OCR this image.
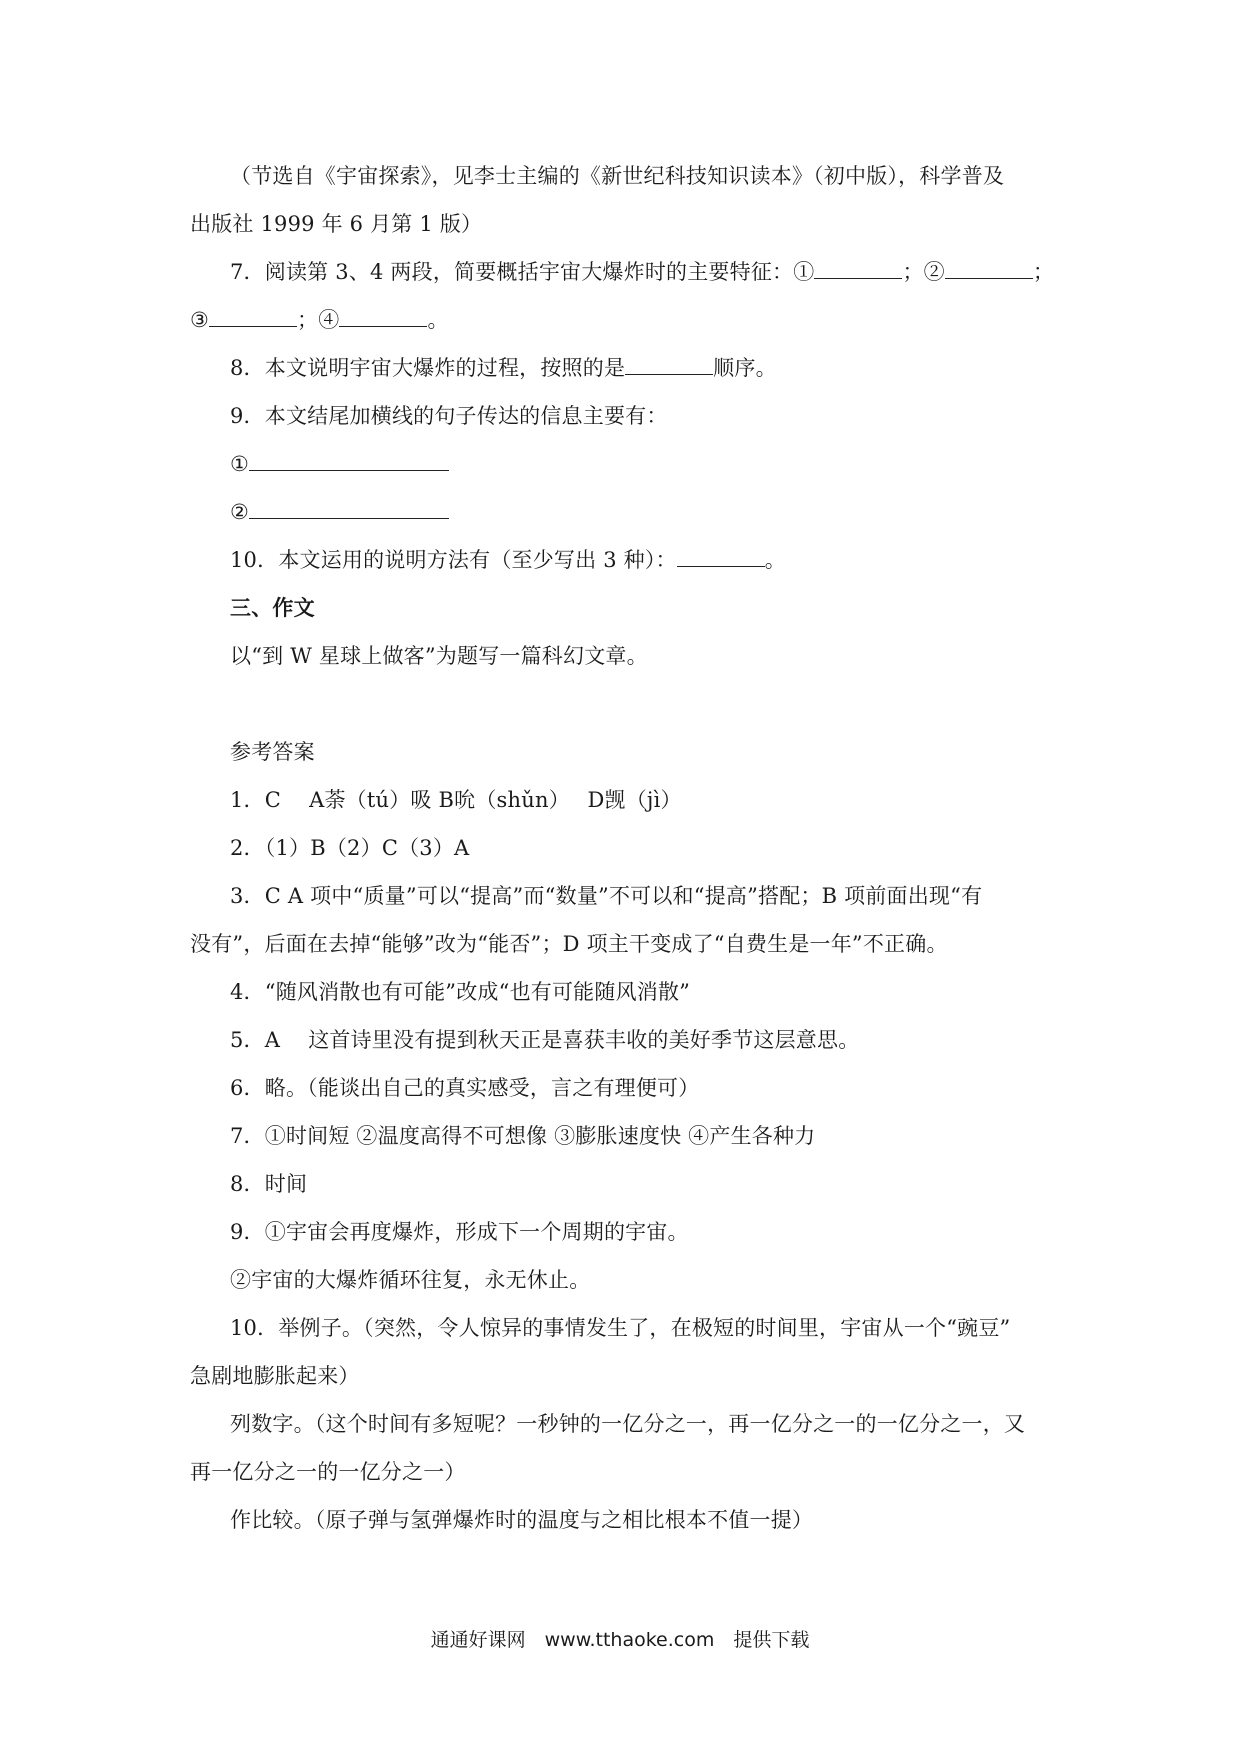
（节选自《宇宙探索》，见李士主编的《新世纪科技知识读本》（初中版），科学普及
出版社 1999 年 6 月第 1 版）
7．阅读第 3、4 两段，简要概括宇宙大爆炸时的主要特征：①	；②	；
③	；④	。
8．本文说明宇宙大爆炸的过程，按照的是	顺序。
9．本文结尾加横线的句子传达的信息主要有：
①
②
10．本文运用的说明方法有（至少写出 3 种）：	。
三、作文
以“到 W 星球上做客”为题写一篇科幻文章。
参考答案
1．C　 A荼（tú）吸 B吮（shǔn）　 D觊（jì）
2．（1）B（2）C（3）A
3．C A 项中“质量”可以“提高”而“数量”不可以和“提高”搭配；B 项前面出现“有
没有”，后面在去掉“能够”改为“能否”；D 项主干变成了“自费生是一年”不正确。
4．“随风消散也有可能”改成“也有可能随风消散”
5．A　 这首诗里没有提到秋天正是喜获丰收的美好季节这层意思。
6．略。（能谈出自己的真实感受，言之有理便可）
7．①时间短 ②温度高得不可想像 ③膨胀速度快 ④产生各种力
8．时间
9．①宇宙会再度爆炸，形成下一个周期的宇宙。
②宇宙的大爆炸循环往复，永无休止。
10．举例子。（突然，令人惊异的事情发生了，在极短的时间里，宇宙从一个“豌豆”
急剧地膨胀起来）
列数字。（这个时间有多短呢？一秒钟的一亿分之一，再一亿分之一的一亿分之一，又
再一亿分之一的一亿分之一）
作比较。（原子弹与氢弹爆炸时的温度与之相比根本不值一提）
通通好课网　www.tthaoke.com　提供下载
